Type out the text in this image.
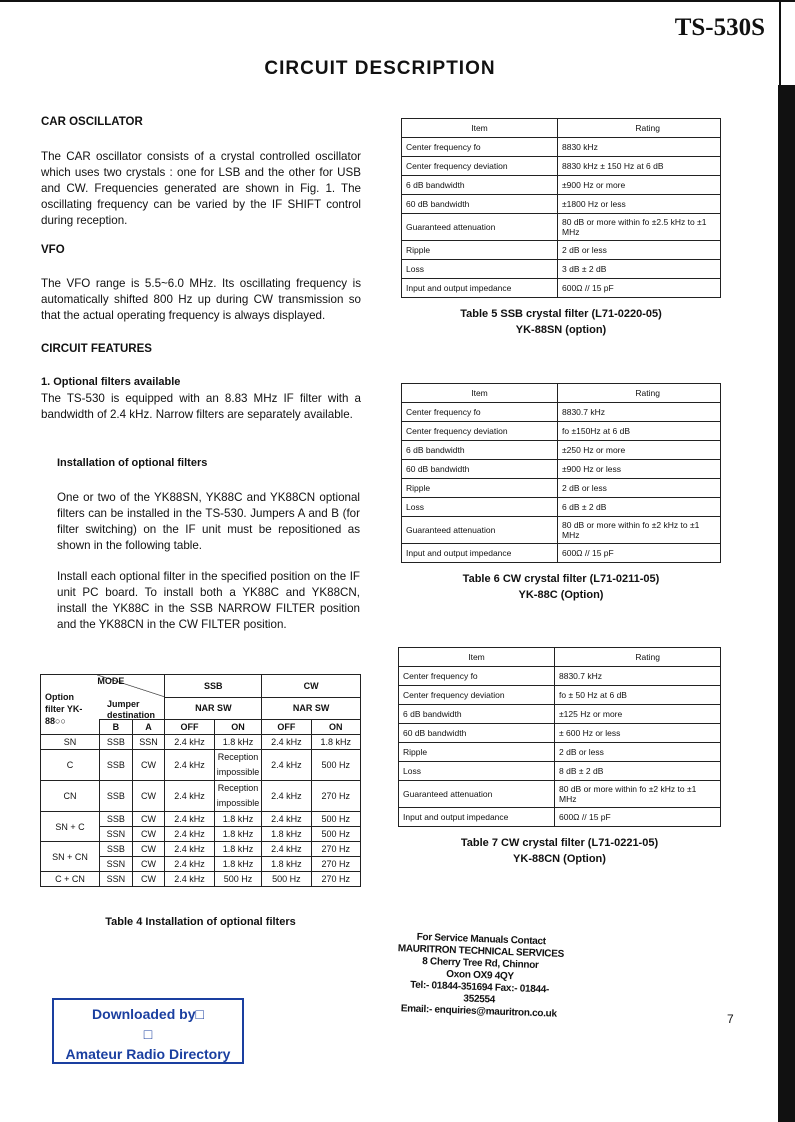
TS-530S
CIRCUIT DESCRIPTION
CAR OSCILLATOR
The CAR oscillator consists of a crystal controlled oscillator which uses two crystals : one for LSB and the other for USB and CW. Frequencies generated are shown in Fig. 1. The oscillating frequency can be varied by the IF SHIFT control during reception.
VFO
The VFO range is 5.5~6.0 MHz. Its oscillating frequency is automatically shifted 800 Hz up during CW transmission so that the actual operating frequency is always displayed.
CIRCUIT FEATURES
1. Optional filters available
The TS-530 is equipped with an 8.83 MHz IF filter with a bandwidth of 2.4 kHz. Narrow filters are separately available.
Installation of optional filters
One or two of the YK88SN, YK88C and YK88CN optional filters can be installed in the TS-530. Jumpers A and B (for filter switching) on the IF unit must be repositioned as shown in the following table.
Install each optional filter in the specified position on the IF unit PC board. To install both a YK88C and YK88CN, install the YK88C in the SSB NARROW FILTER position and the YK88CN in the CW FILTER position.
MODE
Option filter YK-88○○
Jumper destination			SSB		CW	
			NAR SW		NAR SW	
	B	A	OFF	ON	OFF	ON
SN	SSB	SSN	2.4 kHz	1.8 kHz	2.4 kHz	1.8 kHz
C	SSB	CW	2.4 kHz	Reception impossible	2.4 kHz	500 Hz
CN	SSB	CW	2.4 kHz	Reception impossible	2.4 kHz	270 Hz
SN + C	SSB	CW	2.4 kHz	1.8 kHz	2.4 kHz	500 Hz
	SSN	CW	2.4 kHz	1.8 kHz	1.8 kHz	500 Hz
SN + CN	SSB	CW	2.4 kHz	1.8 kHz	2.4 kHz	270 Hz
	SSN	CW	2.4 kHz	1.8 kHz	1.8 kHz	270 Hz
C + CN	SSN	CW	2.4 kHz	500 Hz	500 Hz	270 Hz
Table 4 Installation of optional filters
Item	Rating
Center frequency fo	8830 kHz
Center frequency deviation	8830 kHz ± 150 Hz at 6 dB
6 dB bandwidth	±900 Hz or more
60 dB bandwidth	±1800 Hz or less
Guaranteed attenuation	80 dB or more within fo ±2.5 kHz to ±1 MHz
Ripple	2 dB or less
Loss	3 dB ± 2 dB
Input and output impedance	600Ω // 15 pF
Table 5 SSB crystal filter (L71-0220-05)
YK-88SN (option)
Item	Rating
Center frequency fo	8830.7 kHz
Center frequency deviation	fo ±150Hz at 6 dB
6 dB bandwidth	±250 Hz or more
60 dB bandwidth	±900 Hz or less
Ripple	2 dB or less
Loss	6 dB ± 2 dB
Guaranteed attenuation	80 dB or more within fo ±2 kHz to ±1 MHz
Input and output impedance	600Ω // 15 pF
Table 6 CW crystal filter (L71-0211-05)
YK-88C (Option)
Item	Rating
Center frequency fo	8830.7 kHz
Center frequency deviation	fo ± 50 Hz at 6 dB
6 dB bandwidth	±125 Hz or more
60 dB bandwidth	± 600 Hz or less
Ripple	2 dB or less
Loss	8 dB ± 2 dB
Guaranteed attenuation	80 dB or more within fo ±2 kHz to ±1 MHz
Input and output impedance	600Ω // 15 pF
Table 7 CW crystal filter (L71-0221-05)
YK-88CN (Option)
For Service Manuals Contact
MAURITRON TECHNICAL SERVICES
8 Cherry Tree Rd, Chinnor
Oxon OX9 4QY
Tel:- 01844-351694 Fax:- 01844-352554
Email:- enquiries@mauritron.co.uk
Downloaded by□
□
Amateur Radio Directory
7
